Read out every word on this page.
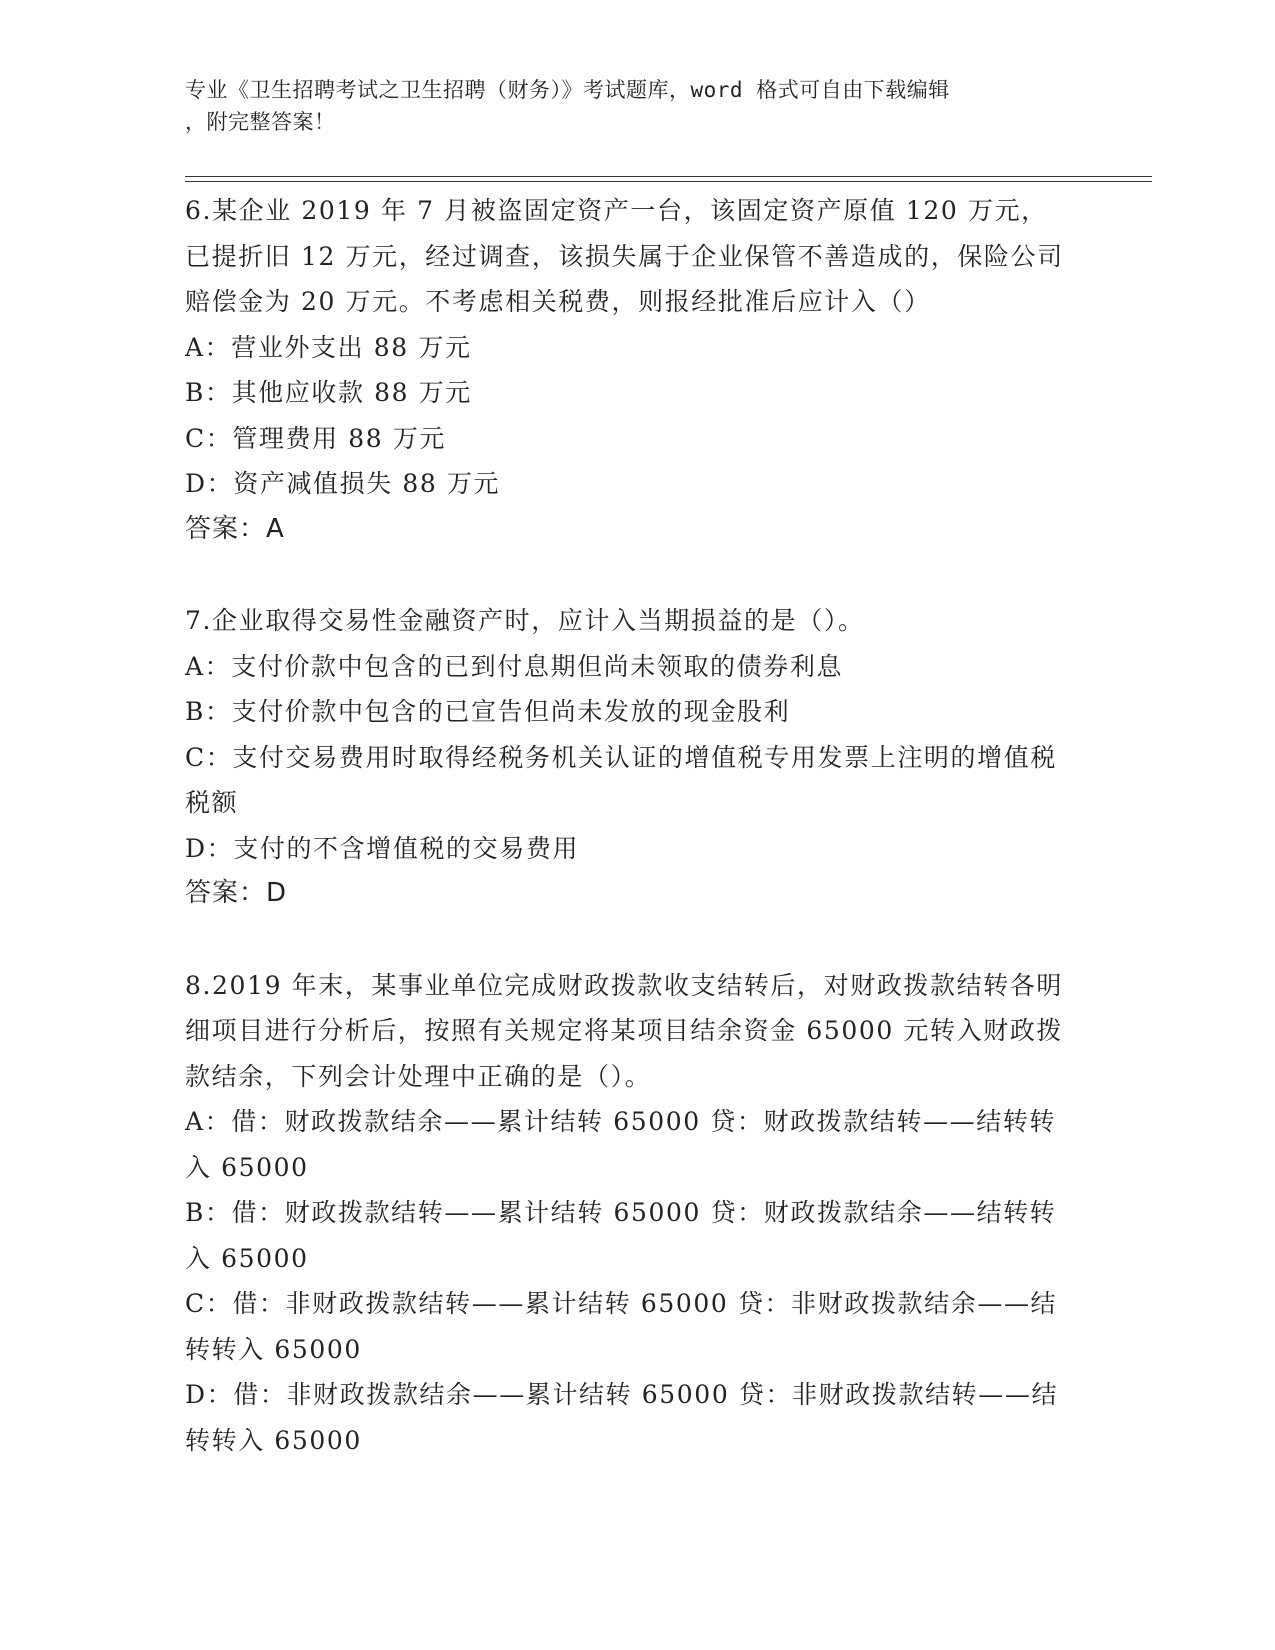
专业《卫生招聘考试之卫生招聘（财务）》考试题库，word 格式可自由下载编辑
，附完整答案！
6.某企业 2019 年 7 月被盗固定资产一台，该固定资产原值 120 万元，已提折旧 12 万元，经过调查，该损失属于企业保管不善造成的，保险公司赔偿金为 20 万元。不考虑相关税费，则报经批准后应计入（）
A：营业外支出 88 万元
B：其他应收款 88 万元
C：管理费用 88 万元
D：资产减值损失 88 万元
答案：A
7.企业取得交易性金融资产时，应计入当期损益的是（）。
A：支付价款中包含的已到付息期但尚未领取的债券利息
B：支付价款中包含的已宣告但尚未发放的现金股利
C：支付交易费用时取得经税务机关认证的增值税专用发票上注明的增值税税额
D：支付的不含增值税的交易费用
答案：D
8.2019 年末，某事业单位完成财政拨款收支结转后，对财政拨款结转各明细项目进行分析后，按照有关规定将某项目结余资金 65000 元转入财政拨款结余，下列会计处理中正确的是（）。
A：借：财政拨款结余——累计结转 65000 贷：财政拨款结转——结转转入 65000
B：借：财政拨款结转——累计结转 65000 贷：财政拨款结余——结转转入 65000
C：借：非财政拨款结转——累计结转 65000 贷：非财政拨款结余——结转转入 65000
D：借：非财政拨款结余——累计结转 65000 贷：非财政拨款结转——结转转入 65000
